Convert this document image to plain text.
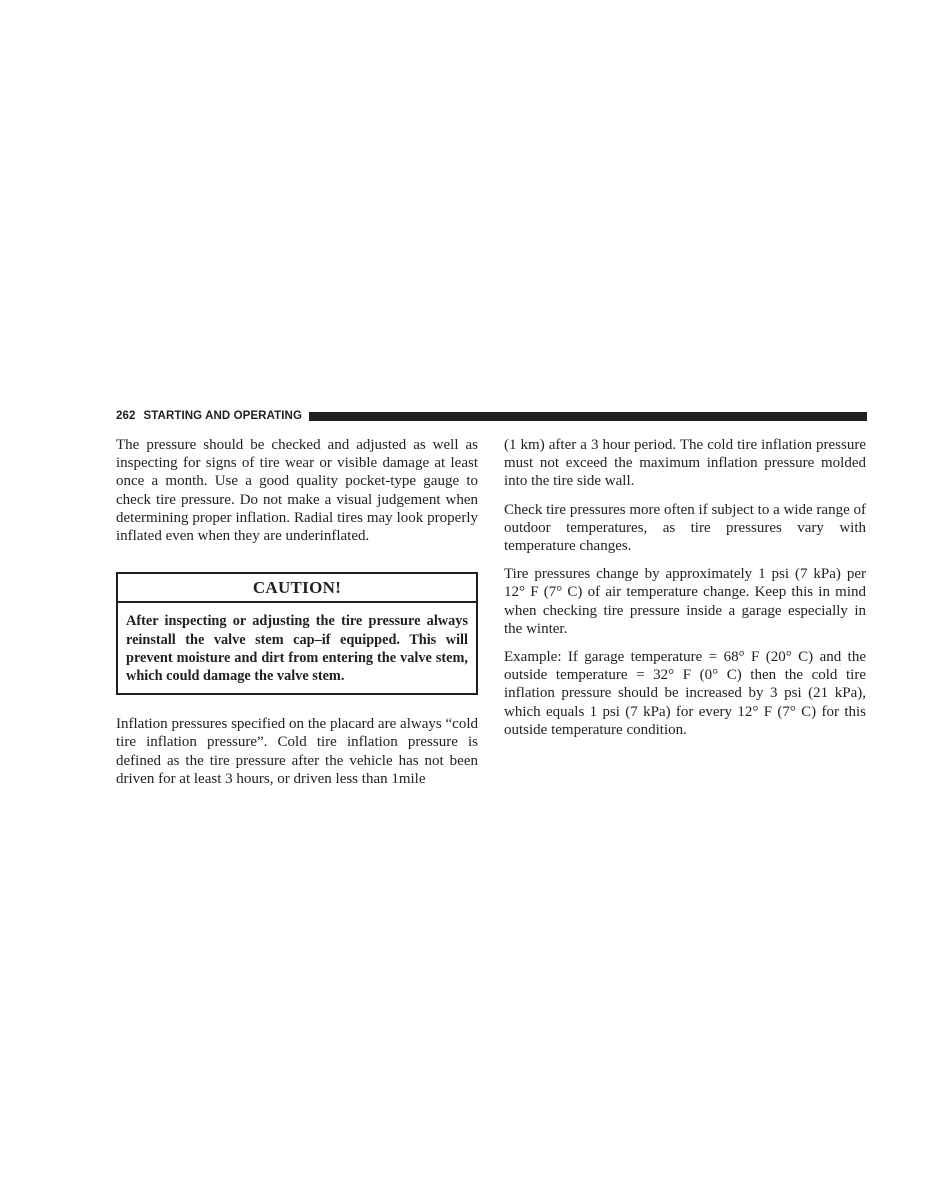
262 STARTING AND OPERATING

The pressure should be checked and adjusted as well as inspecting for signs of tire wear or visible damage at least once a month. Use a good quality pocket-type gauge to check tire pressure. Do not make a visual judgement when determining proper inflation. Radial tires may look properly inflated even when they are underinflated.

CAUTION!
After inspecting or adjusting the tire pressure always reinstall the valve stem cap–if equipped. This will prevent moisture and dirt from entering the valve stem, which could damage the valve stem.

Inflation pressures specified on the placard are always “cold tire inflation pressure”. Cold tire inflation pressure is defined as the tire pressure after the vehicle has not been driven for at least 3 hours, or driven less than 1mile

(1 km) after a 3 hour period. The cold tire inflation pressure must not exceed the maximum inflation pressure molded into the tire side wall.

Check tire pressures more often if subject to a wide range of outdoor temperatures, as tire pressures vary with temperature changes.

Tire pressures change by approximately 1 psi (7 kPa) per 12° F (7° C) of air temperature change. Keep this in mind when checking tire pressure inside a garage especially in the winter.

Example: If garage temperature = 68° F (20° C) and the outside temperature = 32° F (0° C) then the cold tire inflation pressure should be increased by 3 psi (21 kPa), which equals 1 psi (7 kPa) for every 12° F (7° C) for this outside temperature condition.
